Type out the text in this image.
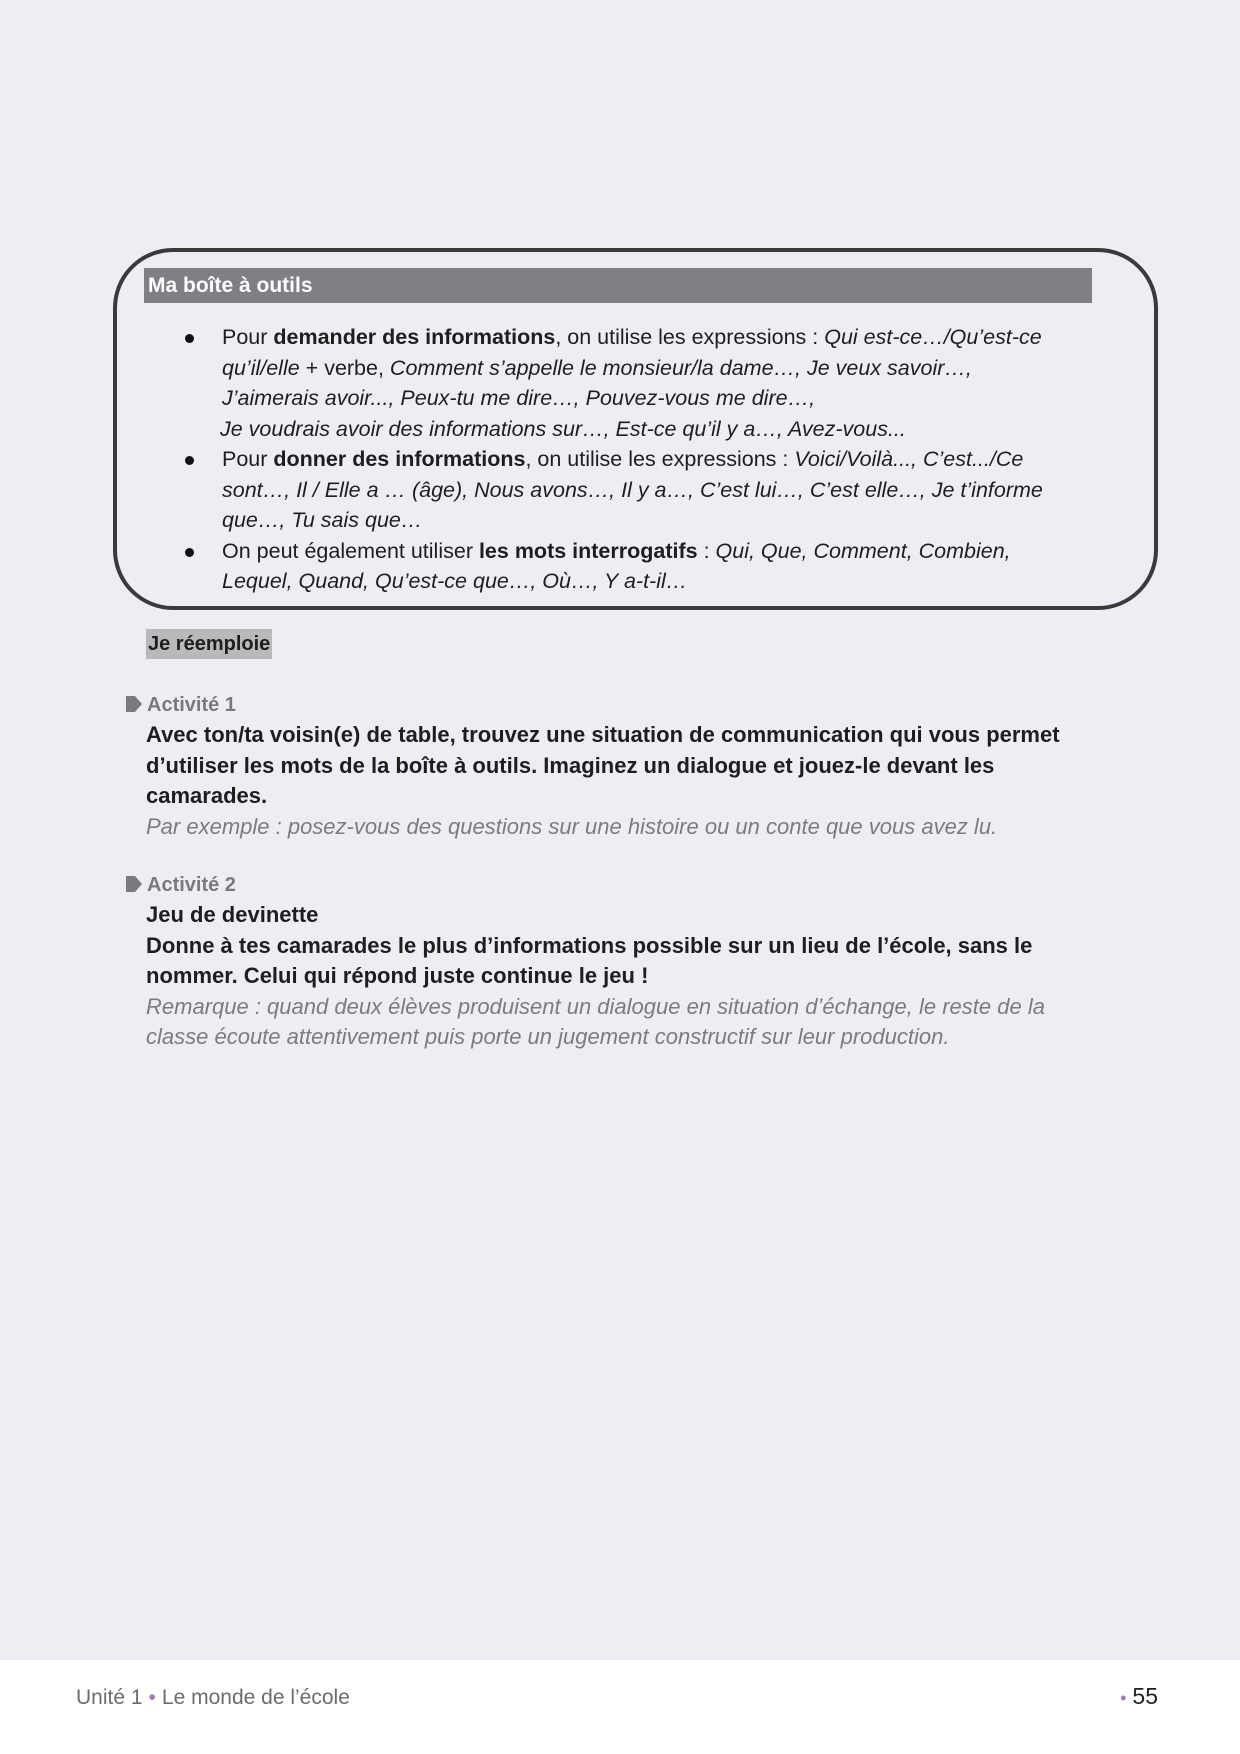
Ma boîte à outils
Pour demander des informations, on utilise les expressions : Qui est-ce…/Qu’est-ce
qu’il/elle + verbe, Comment s’appelle le monsieur/la dame…, Je veux savoir…,
J’aimerais avoir..., Peux-tu me dire…, Pouvez-vous me dire…,
Je voudrais avoir des informations sur…, Est-ce qu’il y a…, Avez-vous...
Pour donner des informations, on utilise les expressions : Voici/Voilà..., C’est.../Ce
sont…, Il / Elle a … (âge), Nous avons…, Il y a…, C’est lui…, C’est elle…, Je t’informe
que…, Tu sais que…
On peut également utiliser les mots interrogatifs : Qui, Que, Comment, Combien,
Lequel, Quand, Qu’est-ce que…, Où…, Y a-t-il…
Je réemploie
Activité 1
Avec ton/ta voisin(e) de table, trouvez une situation de communication qui vous permet
d’utiliser les mots de la boîte à outils. Imaginez un dialogue et jouez-le devant les
camarades.
Par exemple : posez-vous des questions sur une histoire ou un conte que vous avez lu.
Activité 2
Jeu de devinette
Donne à tes camarades le plus d’informations possible sur un lieu de l’école, sans le
nommer. Celui qui répond juste continue le jeu !
Remarque : quand deux élèves produisent un dialogue en situation d’échange, le reste de la
classe écoute attentivement puis porte un jugement constructif sur leur production.
Unité 1 • Le monde de l’école	• 55
